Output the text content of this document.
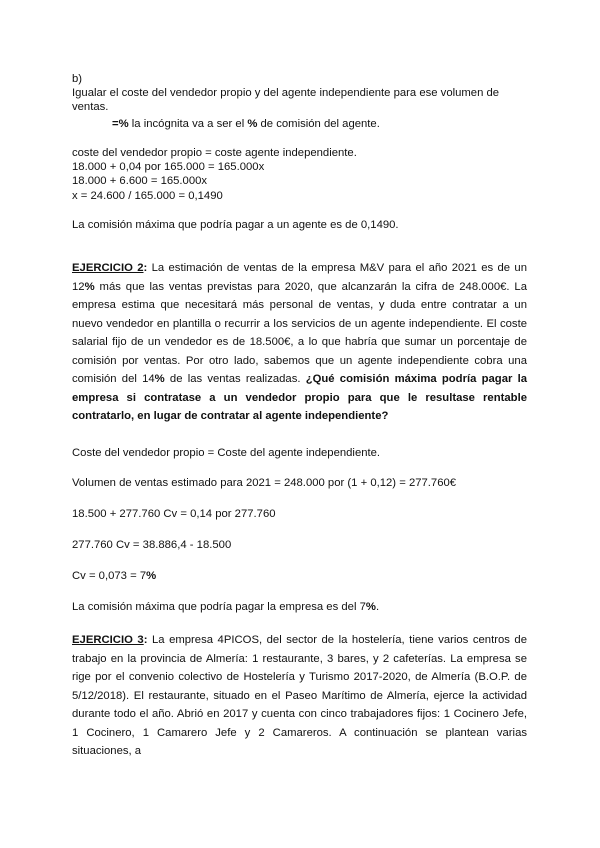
b)
Igualar el coste del vendedor propio y del agente independiente para ese volumen de
ventas.
=% la incógnita va a ser el % de comisión del agente.
coste del vendedor propio = coste agente independiente.
18.000 + 0,04 por 165.000 = 165.000x
18.000 + 6.600 = 165.000x
x = 24.600 / 165.000 = 0,1490
La comisión máxima que podría pagar a un agente es de 0,1490.
EJERCICIO 2: La estimación de ventas de la empresa M&V para el año 2021 es de un 12% más que las ventas previstas para 2020, que alcanzarán la cifra de 248.000€. La empresa estima que necesitará más personal de ventas, y duda entre contratar a un nuevo vendedor en plantilla o recurrir a los servicios de un agente independiente. El coste salarial fijo de un vendedor es de 18.500€, a lo que habría que sumar un porcentaje de comisión por ventas. Por otro lado, sabemos que un agente independiente cobra una comisión del 14% de las ventas realizadas. ¿Qué comisión máxima podría pagar la empresa si contratase a un vendedor propio para que le resultase rentable contratarlo, en lugar de contratar al agente independiente?
Coste del vendedor propio = Coste del agente independiente.
Volumen de ventas estimado para 2021 = 248.000 por (1 + 0,12) = 277.760€
18.500 + 277.760 Cv = 0,14 por 277.760
277.760 Cv = 38.886,4 - 18.500
Cv = 0,073 = 7%
La comisión máxima que podría pagar la empresa es del 7%.
EJERCICIO 3: La empresa 4PICOS, del sector de la hostelería, tiene varios centros de trabajo en la provincia de Almería: 1 restaurante, 3 bares, y 2 cafeterías. La empresa se rige por el convenio colectivo de Hostelería y Turismo 2017-2020, de Almería (B.O.P. de 5/12/2018). El restaurante, situado en el Paseo Marítimo de Almería, ejerce la actividad durante todo el año. Abrió en 2017 y cuenta con cinco trabajadores fijos: 1 Cocinero Jefe, 1 Cocinero, 1 Camarero Jefe y 2 Camareros. A continuación se plantean varias situaciones, a
